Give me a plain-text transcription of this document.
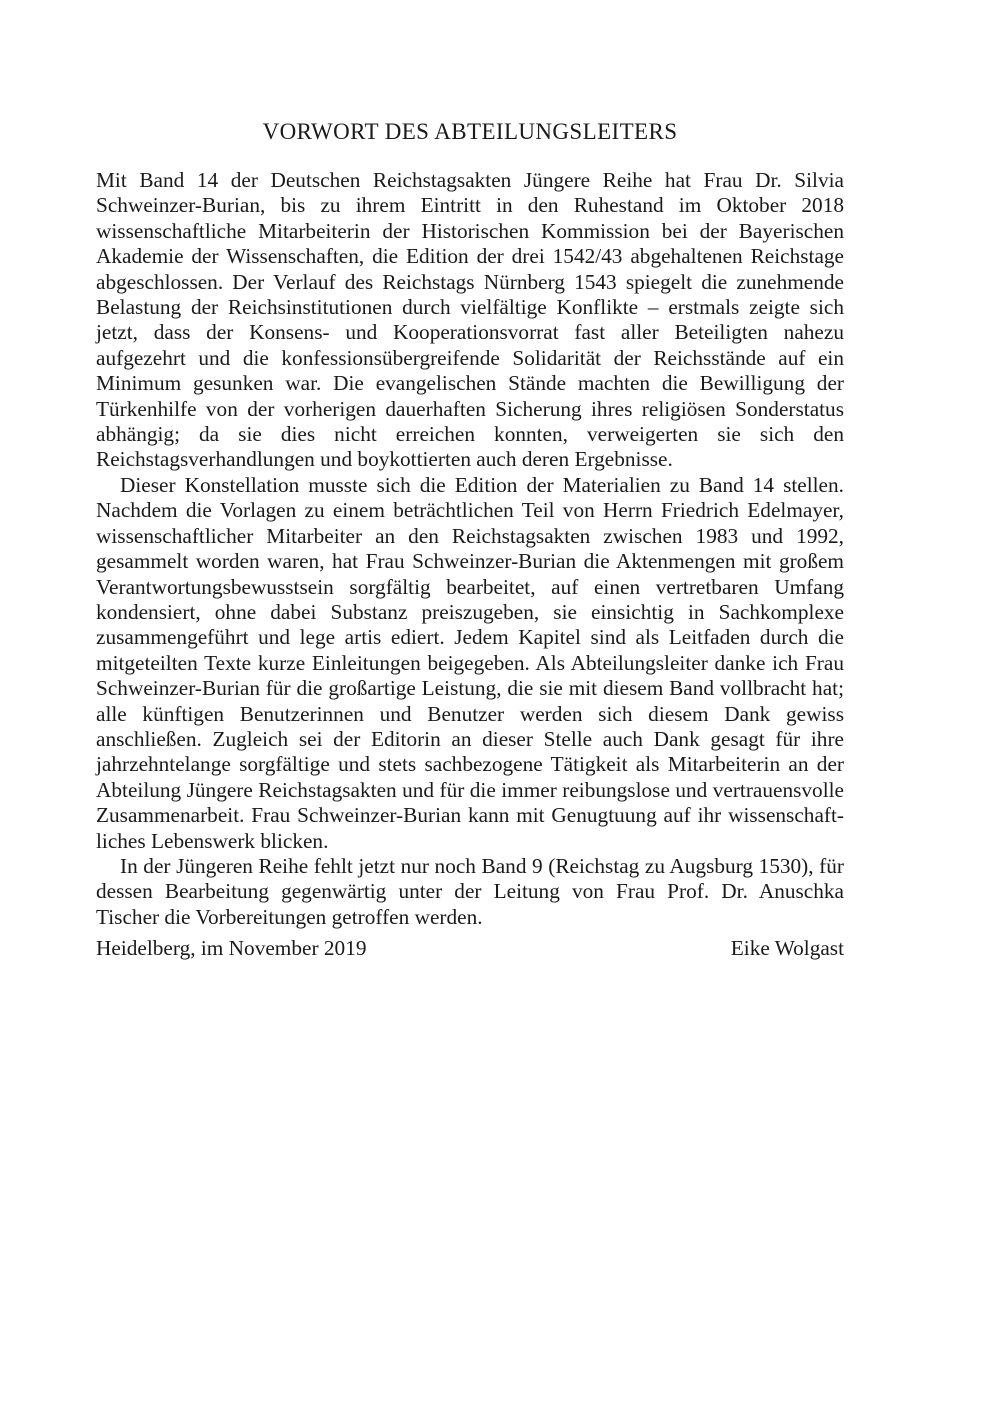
VORWORT DES ABTEILUNGSLEITERS

Mit Band 14 der Deutschen Reichstagsakten Jüngere Reihe hat Frau Dr. Silvia Schweinzer-Burian, bis zu ihrem Eintritt in den Ruhestand im Oktober 2018 wissenschaftliche Mitarbeiterin der Historischen Kommission bei der Bayerischen Akademie der Wissenschaften, die Edition der drei 1542/43 abgehaltenen Reichstage abgeschlossen. Der Verlauf des Reichstags Nürnberg 1543 spiegelt die zunehmende Belastung der Reichsinstitutionen durch vielfältige Konflikte – erstmals zeigte sich jetzt, dass der Konsens- und Kooperationsvorrat fast aller Beteiligten nahezu aufgezehrt und die konfessionsübergreifende Solidarität der Reichsstände auf ein Minimum gesunken war. Die evangelischen Stände machten die Bewilligung der Türkenhilfe von der vorherigen dauerhaften Sicherung ihres religiösen Sonderstatus abhängig; da sie dies nicht erreichen konnten, verweigerten sie sich den Reichstagsverhandlungen und boykottierten auch deren Ergebnisse.

Dieser Konstellation musste sich die Edition der Materialien zu Band 14 stellen. Nachdem die Vorlagen zu einem beträchtlichen Teil von Herrn Friedrich Edelmayer, wissenschaftlicher Mitarbeiter an den Reichstagsakten zwischen 1983 und 1992, gesammelt worden waren, hat Frau Schweinzer-Burian die Aktenmengen mit großem Verantwortungsbewusstsein sorgfältig bearbeitet, auf einen vertretbaren Umfang kondensiert, ohne dabei Substanz preiszugeben, sie einsichtig in Sachkomplexe zusammengeführt und lege artis ediert. Jedem Kapitel sind als Leitfaden durch die mitgeteilten Texte kurze Einleitungen beigegeben. Als Abteilungsleiter danke ich Frau Schweinzer-Burian für die großartige Leistung, die sie mit diesem Band vollbracht hat; alle künftigen Benutzerinnen und Benutzer werden sich diesem Dank gewiss anschließen. Zugleich sei der Editorin an dieser Stelle auch Dank gesagt für ihre jahrzehntelange sorgfältige und stets sachbezogene Tätigkeit als Mitarbeiterin an der Abteilung Jüngere Reichstagsakten und für die immer reibungslose und vertrauensvolle Zusammenarbeit. Frau Schweinzer-Burian kann mit Genugtuung auf ihr wissenschaftliches Lebenswerk blicken.

In der Jüngeren Reihe fehlt jetzt nur noch Band 9 (Reichstag zu Augsburg 1530), für dessen Bearbeitung gegenwärtig unter der Leitung von Frau Prof. Dr. Anuschka Tischer die Vorbereitungen getroffen werden.

Heidelberg, im November 2019	Eike Wolgast
